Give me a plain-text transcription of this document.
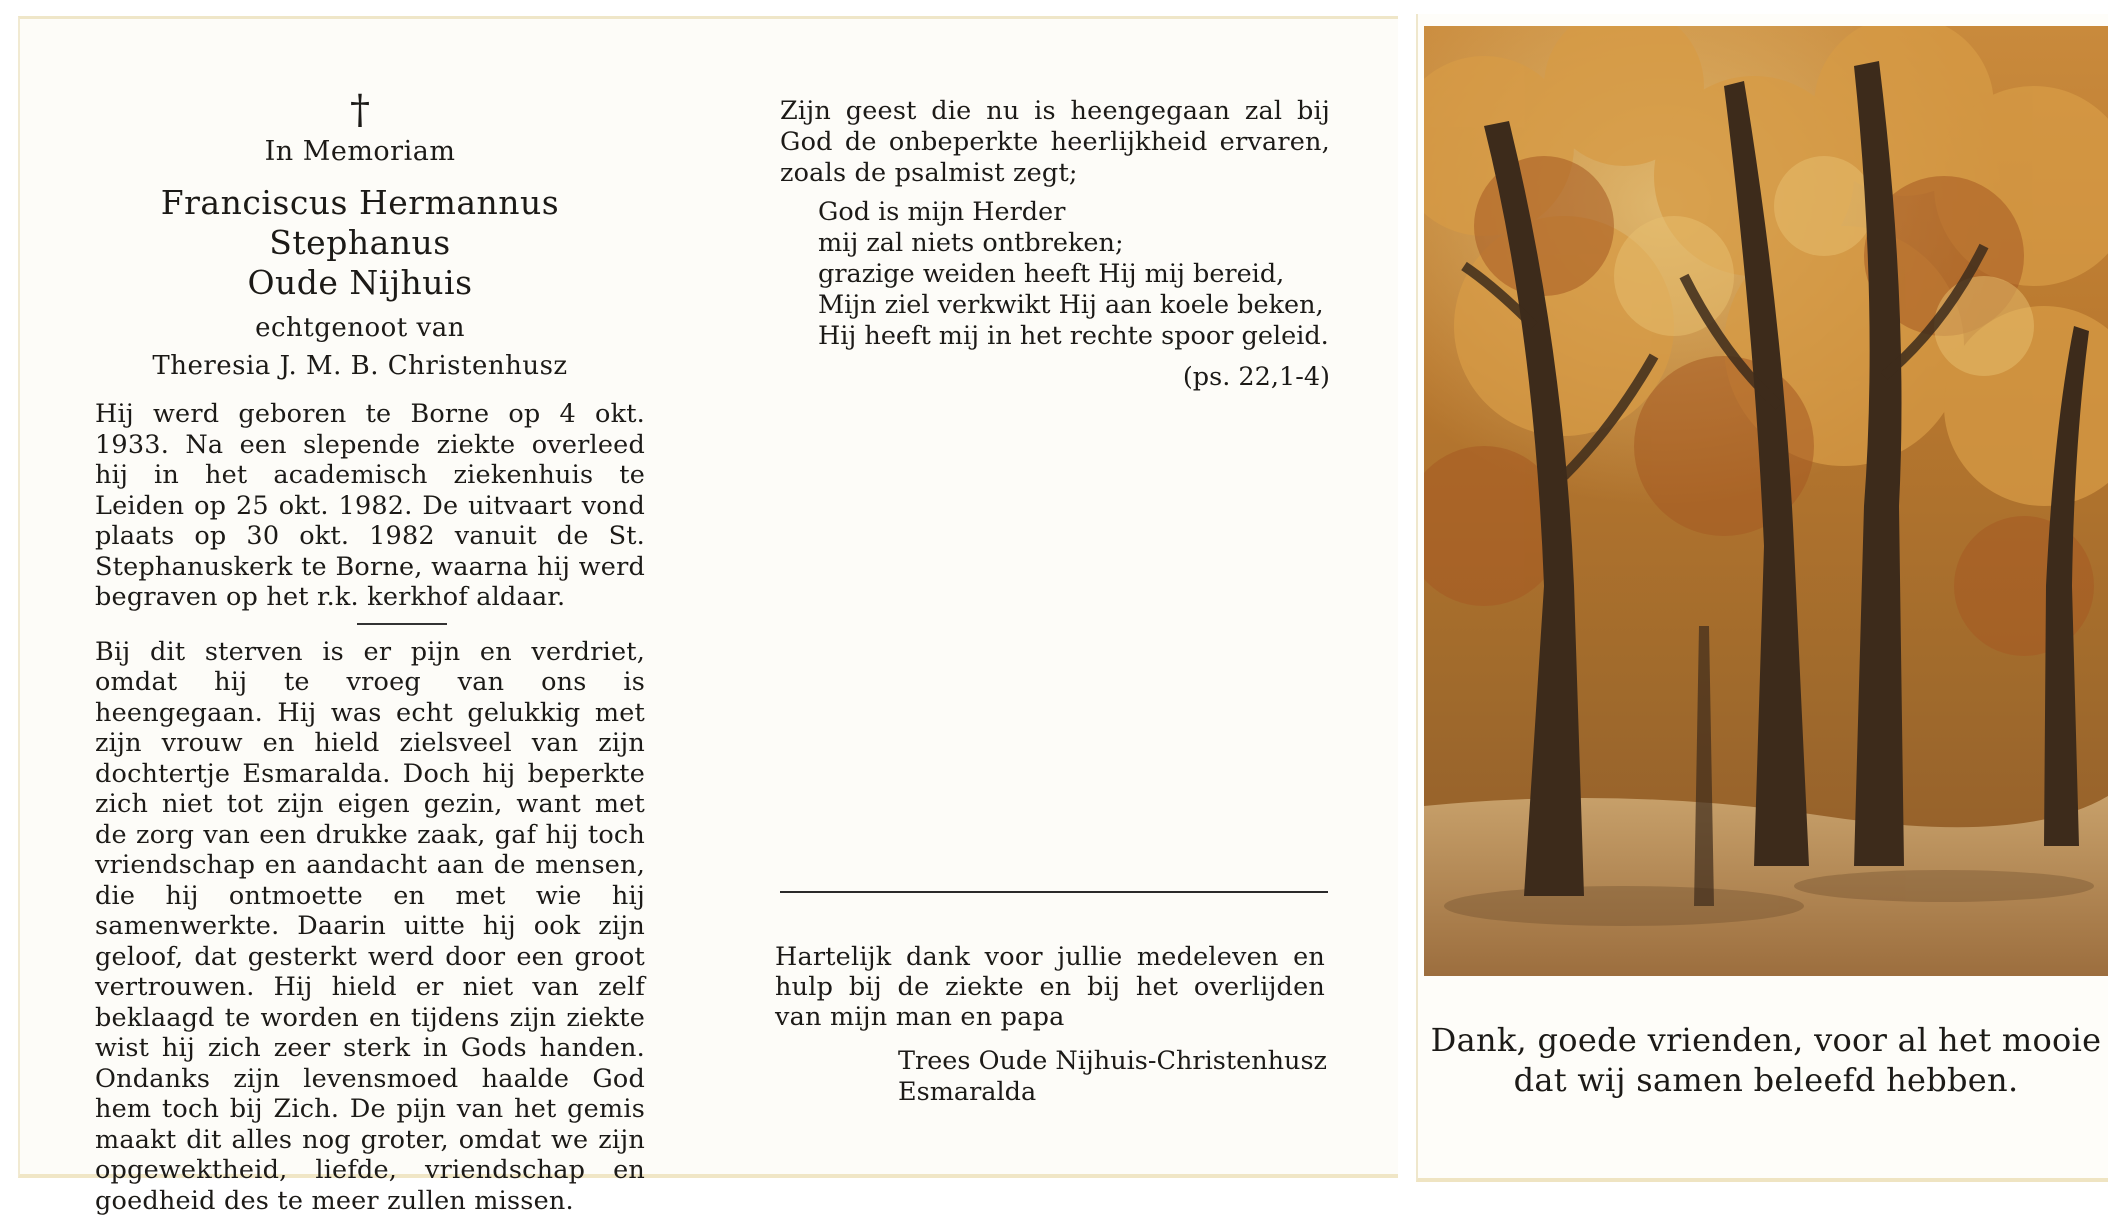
†
In Memoriam
Franciscus Hermannus Stephanus
Oude Nijhuis
echtgenoot van
Theresia J. M. B. Christenhusz
Hij werd geboren te Borne op 4 okt. 1933. Na een slepende ziekte overleed hij in het academisch ziekenhuis te Leiden op 25 okt. 1982. De uitvaart vond plaats op 30 okt. 1982 vanuit de St. Stephanuskerk te Borne, waarna hij werd begraven op het r.k. kerkhof aldaar.
Bij dit sterven is er pijn en verdriet, omdat hij te vroeg van ons is heengegaan. Hij was echt gelukkig met zijn vrouw en hield zielsveel van zijn dochtertje Esmaralda. Doch hij beperkte zich niet tot zijn eigen gezin, want met de zorg van een drukke zaak, gaf hij toch vriendschap en aandacht aan de mensen, die hij ontmoette en met wie hij samenwerkte. Daarin uitte hij ook zijn geloof, dat gesterkt werd door een groot vertrouwen. Hij hield er niet van zelf beklaagd te worden en tijdens zijn ziekte wist hij zich zeer sterk in Gods handen. Ondanks zijn levensmoed haalde God hem toch bij Zich. De pijn van het gemis maakt dit alles nog groter, omdat we zijn opgewektheid, liefde, vriendschap en goedheid des te meer zullen missen.
Zijn geest die nu is heengegaan zal bij God de onbeperkte heerlijkheid ervaren, zoals de psalmist zegt;
God is mijn Herder
mij zal niets ontbreken;
grazige weiden heeft Hij mij bereid,
Mijn ziel verkwikt Hij aan koele beken,
Hij heeft mij in het rechte spoor geleid.
(ps. 22,1-4)
Hartelijk dank voor jullie medeleven en hulp bij de ziekte en bij het overlijden van mijn man en papa
Trees Oude Nijhuis-Christenhusz
Esmaralda
Dank, goede vrienden, voor al het mooie
dat wij samen beleefd hebben.
